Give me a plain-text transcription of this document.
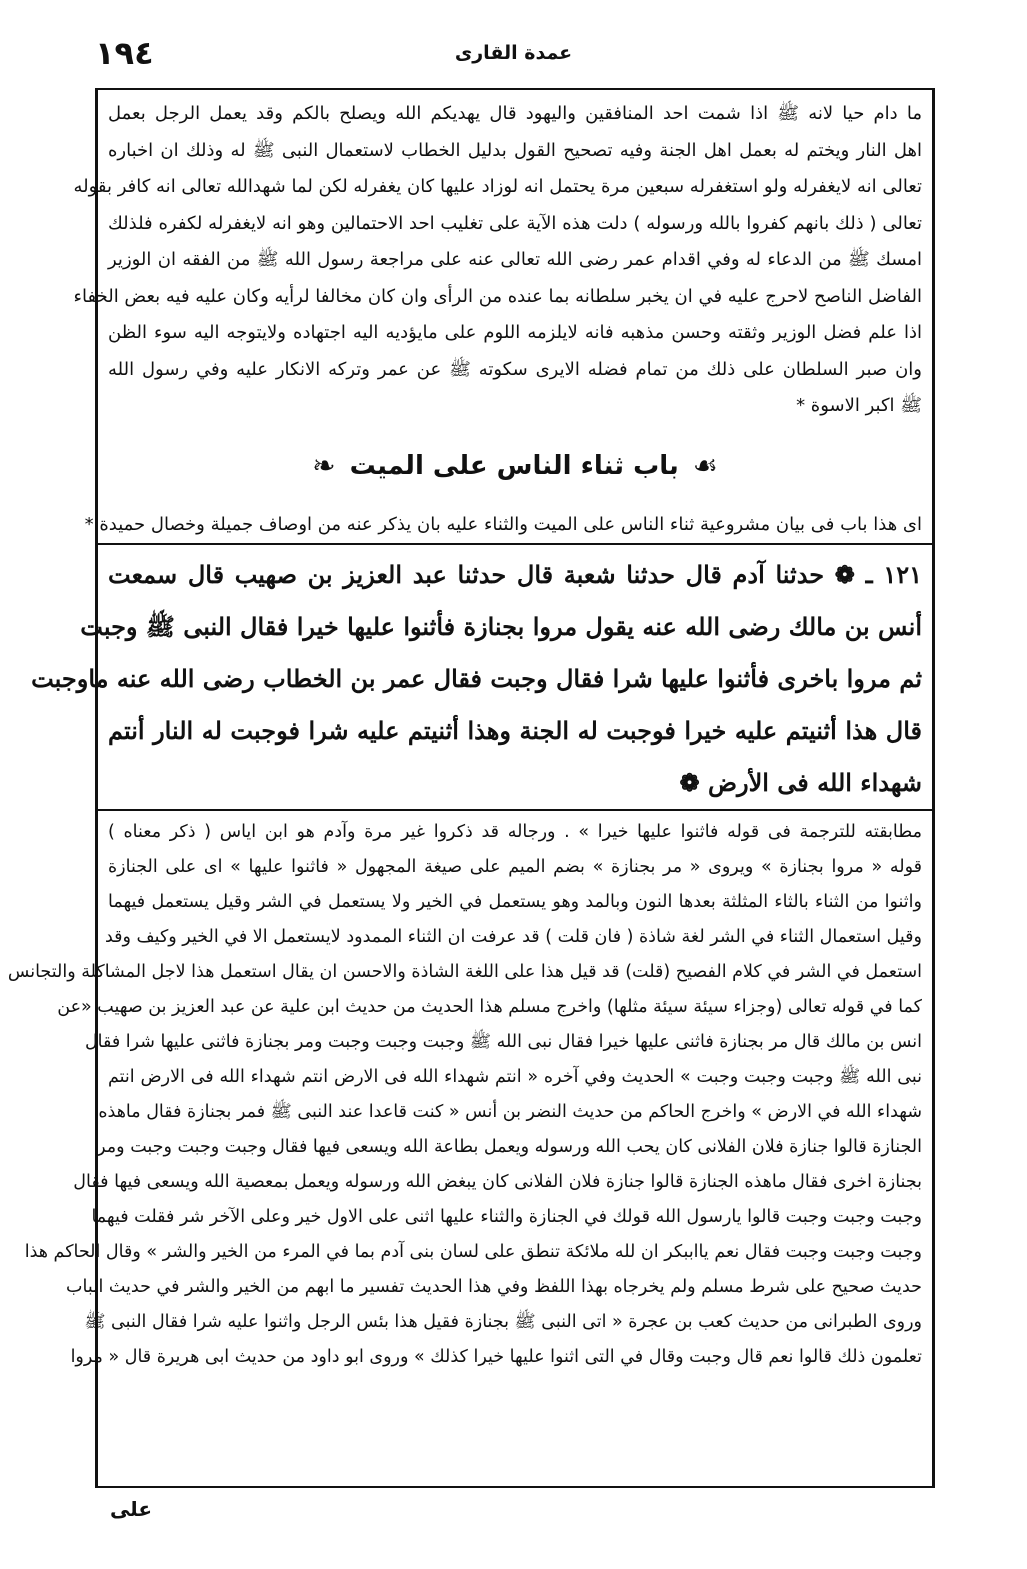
١٩٤	عمدة القارى
ما دام حيا لانه ﷺ اذا شمت احد المنافقين واليهود قال يهديكم الله ويصلح بالكم وقد يعمل الرجل بعمل
اهل النار ويختم له بعمل اهل الجنة وفيه تصحيح القول بدليل الخطاب لاستعمال النبى ﷺ له وذلك ان اخباره
تعالى انه لايغفرله ولو استغفرله سبعين مرة يحتمل انه لوزاد عليها كان يغفرله لكن لما شهدالله تعالى انه كافر بقوله
تعالى ( ذلك بانهم كفروا بالله ورسوله ) دلت هذه الآية على تغليب احد الاحتمالين وهو انه لايغفرله لكفره فلذلك
امسك ﷺ من الدعاء له وفي اقدام عمر رضى الله تعالى عنه على مراجعة رسول الله ﷺ من الفقه ان الوزير
الفاضل الناصح لاحرج عليه في ان يخبر سلطانه بما عنده من الرأى وان كان مخالفا لرأيه وكان عليه فيه بعض الخفاء
اذا علم فضل الوزير وثقته وحسن مذهبه فانه لايلزمه اللوم على مايؤديه اليه اجتهاده ولايتوجه اليه سوء الظن
وان صبر السلطان على ذلك من تمام فضله الايرى سكوته ﷺ عن عمر وتركه الانكار عليه وفي رسول الله
ﷺ اكبر الاسوة *
☙
باب ثناء الناس على الميت
❧
اى هذا باب فى بيان مشروعية ثناء الناس على الميت والثناء عليه بان يذكر عنه من اوصاف جميلة وخصال حميدة *
١٢١ ـ ❁ حدثنا آدم قال حدثنا شعبة قال حدثنا عبد العزيز بن صهيب قال سمعت
أنس بن مالك رضى الله عنه يقول مروا بجنازة فأثنوا عليها خيرا فقال النبى ﷺ وجبت
ثم مروا باخرى فأثنوا عليها شرا فقال وجبت فقال عمر بن الخطاب رضى الله عنه ماوجبت
قال هذا أثنيتم عليه خيرا فوجبت له الجنة وهذا أثنيتم عليه شرا فوجبت له النار أنتم
شهداء الله فى الأرض ❁
مطابقته للترجمة فى قوله فاثنوا عليها خيرا » . ورجاله قد ذكروا غير مرة وآدم هو ابن اياس ( ذكر معناه )
قوله « مروا بجنازة » ويروى « مر بجنازة » بضم الميم على صيغة المجهول « فاثنوا عليها » اى على الجنازة
واثنوا من الثناء بالثاء المثلثة بعدها النون وبالمد وهو يستعمل في الخير ولا يستعمل في الشر وقيل يستعمل فيهما
وقيل استعمال الثناء في الشر لغة شاذة ( فان قلت ) قد عرفت ان الثناء الممدود لايستعمل الا في الخير وكيف وقد
استعمل في الشر في كلام الفصيح (قلت) قد قيل هذا على اللغة الشاذة والاحسن ان يقال استعمل هذا لاجل المشاكلة والتجانس
كما في قوله تعالى (وجزاء سيئة سيئة مثلها) واخرج مسلم هذا الحديث من حديث ابن علية عن عبد العزيز بن صهيب «عن
انس بن مالك قال مر بجنازة فاثنى عليها خيرا فقال نبى الله ﷺ وجبت وجبت وجبت ومر بجنازة فاثنى عليها شرا فقال
نبى الله ﷺ وجبت وجبت وجبت » الحديث وفي آخره « انتم شهداء الله فى الارض انتم شهداء الله فى الارض انتم
شهداء الله في الارض » واخرج الحاكم من حديث النضر بن أنس « كنت قاعدا عند النبى ﷺ فمر بجنازة فقال ماهذه
الجنازة قالوا جنازة فلان الفلانى كان يحب الله ورسوله ويعمل بطاعة الله ويسعى فيها فقال وجبت وجبت وجبت ومر
بجنازة اخرى فقال ماهذه الجنازة قالوا جنازة فلان الفلانى كان يبغض الله ورسوله ويعمل بمعصية الله ويسعى فيها فقال
وجبت وجبت وجبت قالوا يارسول الله قولك في الجنازة والثناء عليها اثنى على الاول خير وعلى الآخر شر فقلت فيهما
وجبت وجبت وجبت فقال نعم يااببكر ان لله ملائكة تنطق على لسان بنى آدم بما في المرء من الخير والشر » وقال الحاكم هذا
حديث صحيح على شرط مسلم ولم يخرجاه بهذا اللفظ وفي هذا الحديث تفسير ما ابهم من الخير والشر في حديث الباب
وروى الطبرانى من حديث كعب بن عجرة « اتى النبى ﷺ بجنازة فقيل هذا بئس الرجل واثنوا عليه شرا فقال النبى ﷺ
تعلمون ذلك قالوا نعم قال وجبت وقال في التى اثنوا عليها خيرا كذلك » وروى ابو داود من حديث ابى هريرة قال « مروا
على
